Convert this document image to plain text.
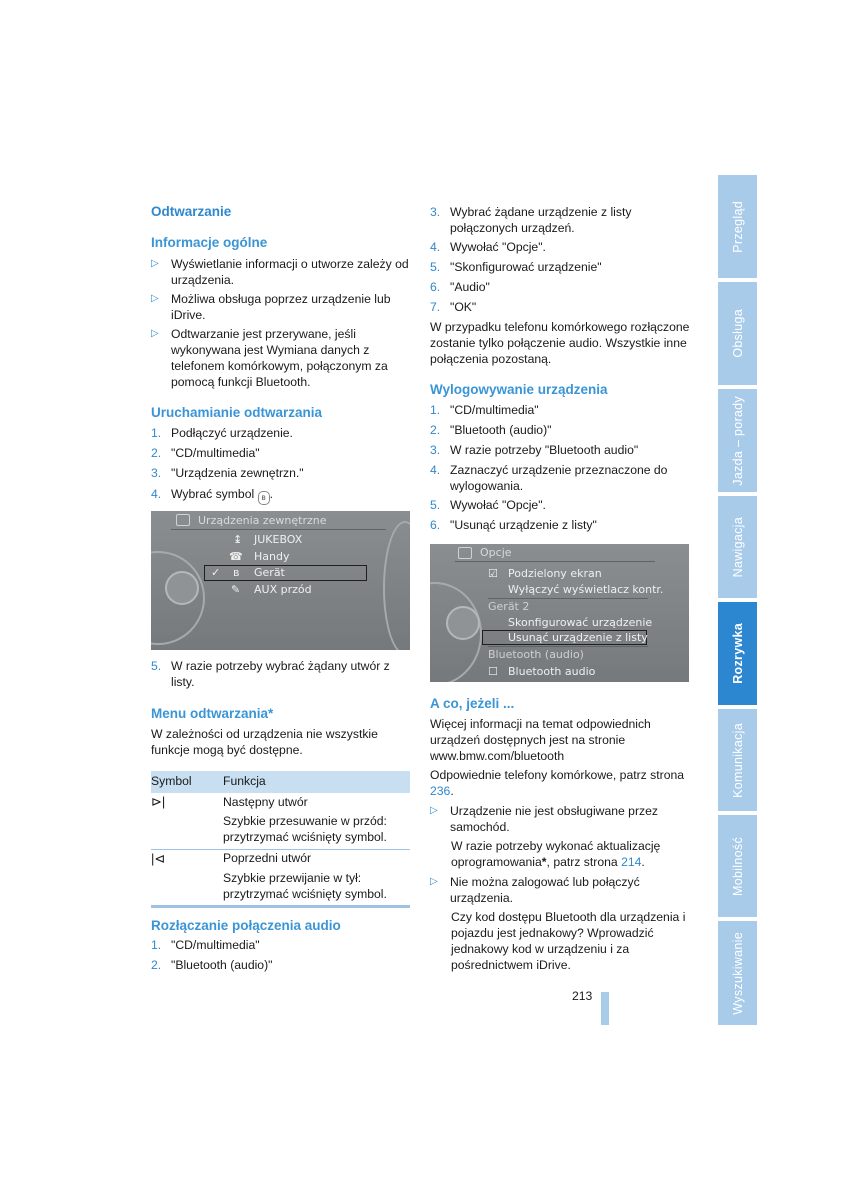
Odtwarzanie
Informacje ogólne
▷ Wyświetlanie informacji o utworze zależy od urządzenia.
▷ Możliwa obsługa poprzez urządzenie lub iDrive.
▷ Odtwarzanie jest przerywane, jeśli wykonywana jest Wymiana danych z telefonem komórkowym, połączonym za pomocą funkcji Bluetooth.
Uruchamianie odtwarzania
1. Podłączyć urządzenie.
2. "CD/multimedia"
3. "Urządzenia zewnętrzn."
4. Wybrać symbol ʙ .
Urządzenia zewnętrzne
↨ JUKEBOX
☎ Handy
✓ ʙ Gerät
✎ AUX przód
5. W razie potrzeby wybrać żądany utwór z listy.
Menu odtwarzania*
W zależności od urządzenia nie wszystkie funkcje mogą być dostępne.
Symbol	Funkcja
⊳|	Następny utwór
Szybkie przesuwanie w przód: przytrzymać wciśnięty symbol.
|⊲	Poprzedni utwór
Szybkie przewijanie w tył: przytrzymać wciśnięty symbol.
Rozłączanie połączenia audio
1. "CD/multimedia"
2. "Bluetooth (audio)"
3. Wybrać żądane urządzenie z listy połączonych urządzeń.
4. Wywołać "Opcje".
5. "Skonfigurować urządzenie"
6. "Audio"
7. "OK"
W przypadku telefonu komórkowego rozłączone zostanie tylko połączenie audio. Wszystkie inne połączenia pozostaną.
Wylogowywanie urządzenia
1. "CD/multimedia"
2. "Bluetooth (audio)"
3. W razie potrzeby "Bluetooth audio"
4. Zaznaczyć urządzenie przeznaczone do wylogowania.
5. Wywołać "Opcje".
6. "Usunąć urządzenie z listy"
Opcje
☑ Podzielony ekran
Wyłączyć wyświetlacz kontr.
Gerät 2
Skonfigurować urządzenie
Usunąć urządzenie z listy
Bluetooth (audio)
☐ Bluetooth audio
A co, jeżeli ...
Więcej informacji na temat odpowiednich urządzeń dostępnych jest na stronie www.bmw.com/bluetooth
Odpowiednie telefony komórkowe, patrz strona 236.
▷ Urządzenie nie jest obsługiwane przez samochód.
W razie potrzeby wykonać aktualizację oprogramowania*, patrz strona 214.
▷ Nie można zalogować lub połączyć urządzenia.
Czy kod dostępu Bluetooth dla urządzenia i pojazdu jest jednakowy? Wprowadzić jednakowy kod w urządzeniu i za pośrednictwem iDrive.
213
Przegląd
Obsługa
Jazda – porady
Nawigacja
Rozrywka
Komunikacja
Mobilność
Wyszukiwanie
